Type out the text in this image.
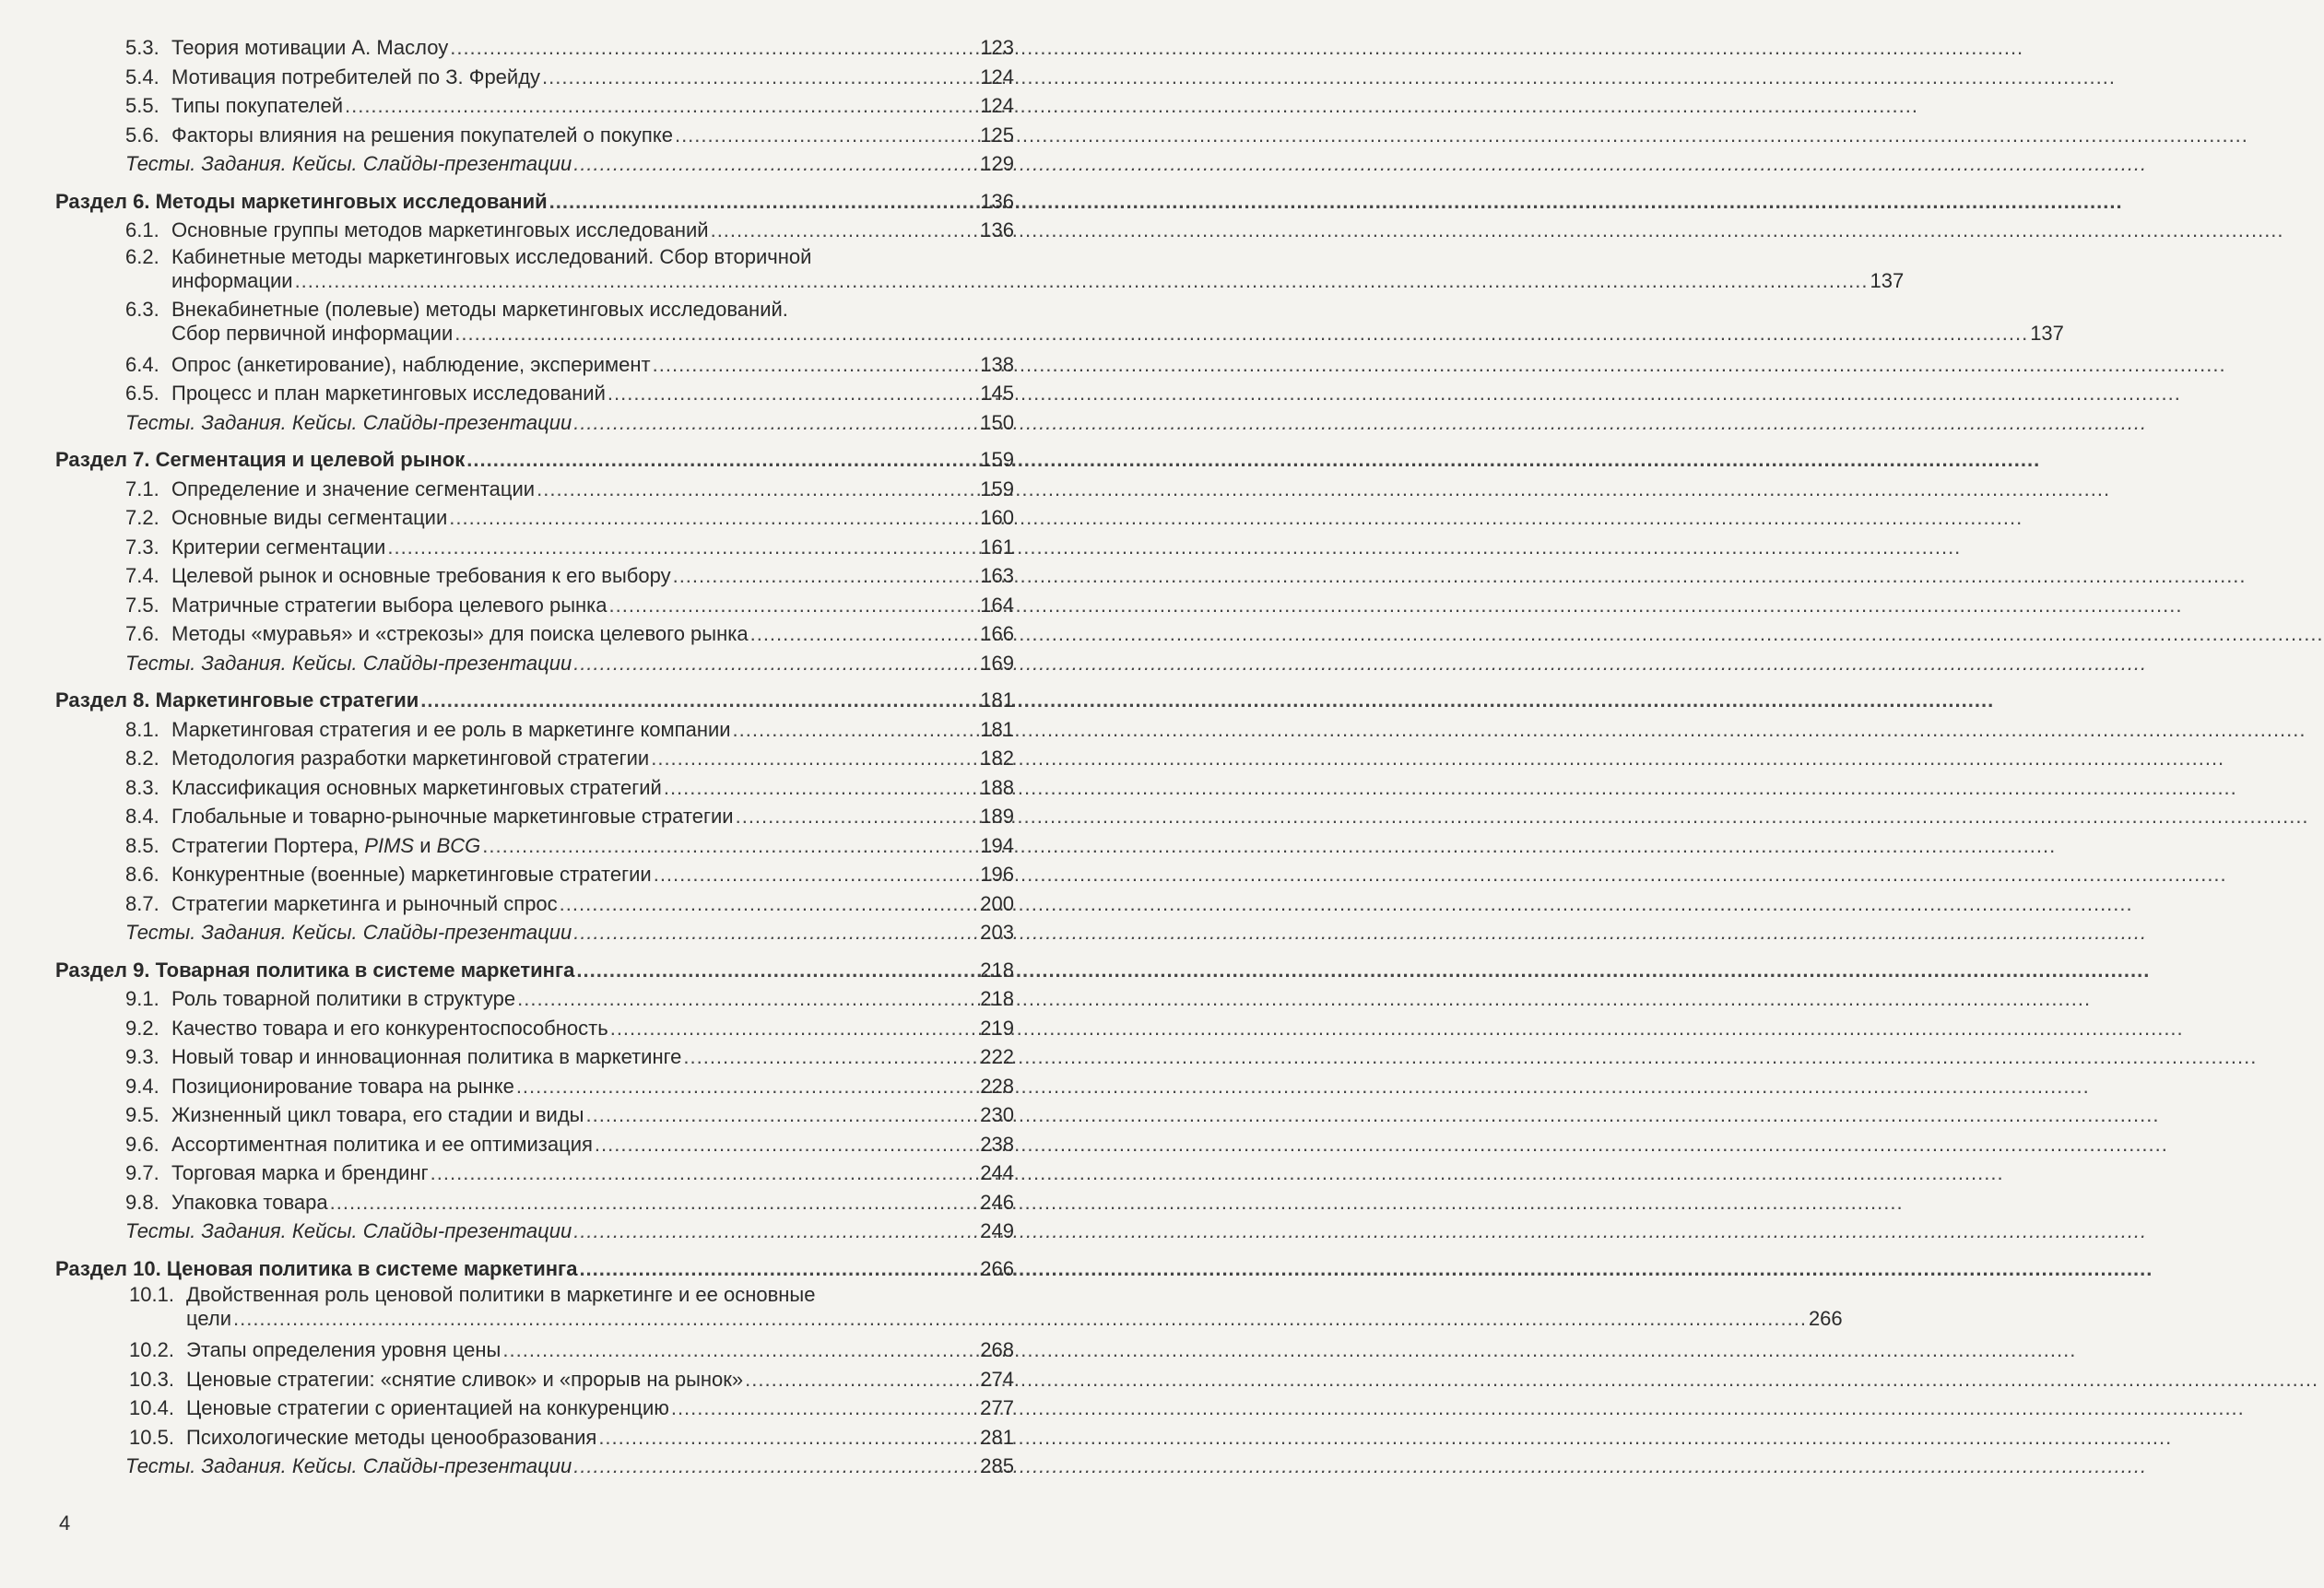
5.3. Теория мотивации А. Маслоу .....	123
5.4. Мотивация потребителей по З. Фрейду .....	124
5.5. Типы покупателей .....	124
5.6. Факторы влияния на решения покупателей о покупке .....	125
Тесты. Задания. Кейсы. Слайды-презентации .....	129
Раздел 6. Методы маркетинговых исследований .....	136
6.1. Основные группы методов маркетинговых исследований .....	136
6.2. Кабинетные методы маркетинговых исследований. Сбор вторичной
информации .....	137
6.3. Внекабинетные (полевые) методы маркетинговых исследований.
Сбор первичной информации .....	137
6.4. Опрос (анкетирование), наблюдение, эксперимент .....	138
6.5. Процесс и план маркетинговых исследований .....	145
Тесты. Задания. Кейсы. Слайды-презентации .....	150
Раздел 7. Сегментация и целевой рынок .....	159
7.1. Определение и значение сегментации .....	159
7.2. Основные виды сегментации .....	160
7.3. Критерии сегментации .....	161
7.4. Целевой рынок и основные требования к его выбору .....	163
7.5. Матричные стратегии выбора целевого рынка .....	164
7.6. Методы «муравья» и «стрекозы» для поиска целевого рынка .....	166
Тесты. Задания. Кейсы. Слайды-презентации .....	169
Раздел 8. Маркетинговые стратегии .....	181
8.1. Маркетинговая стратегия и ее роль в маркетинге компании .....	181
8.2. Методология разработки маркетинговой стратегии .....	182
8.3. Классификация основных маркетинговых стратегий .....	188
8.4. Глобальные и товарно-рыночные маркетинговые стратегии .....	189
8.5. Стратегии Портера, PIMS и BCG .....	194
8.6. Конкурентные (военные) маркетинговые стратегии .....	196
8.7. Стратегии маркетинга и рыночный спрос .....	200
Тесты. Задания. Кейсы. Слайды-презентации .....	203
Раздел 9. Товарная политика в системе маркетинга .....	218
9.1. Роль товарной политики в структуре .....	218
9.2. Качество товара и его конкурентоспособность .....	219
9.3. Новый товар и инновационная политика в маркетинге .....	222
9.4. Позиционирование товара на рынке .....	228
9.5. Жизненный цикл товара, его стадии и виды .....	230
9.6. Ассортиментная политика и ее оптимизация .....	238
9.7. Торговая марка и брендинг .....	244
9.8. Упаковка товара .....	246
Тесты. Задания. Кейсы. Слайды-презентации .....	249
Раздел 10. Ценовая политика в системе маркетинга .....	266
10.1. Двойственная роль ценовой политики в маркетинге и ее основные
цели .....	266
10.2. Этапы определения уровня цены .....	268
10.3. Ценовые стратегии: «снятие сливок» и «прорыв на рынок» .....	274
10.4. Ценовые стратегии с ориентацией на конкуренцию .....	277
10.5. Психологические методы ценообразования .....	281
Тесты. Задания. Кейсы. Слайды-презентации .....	285
4
